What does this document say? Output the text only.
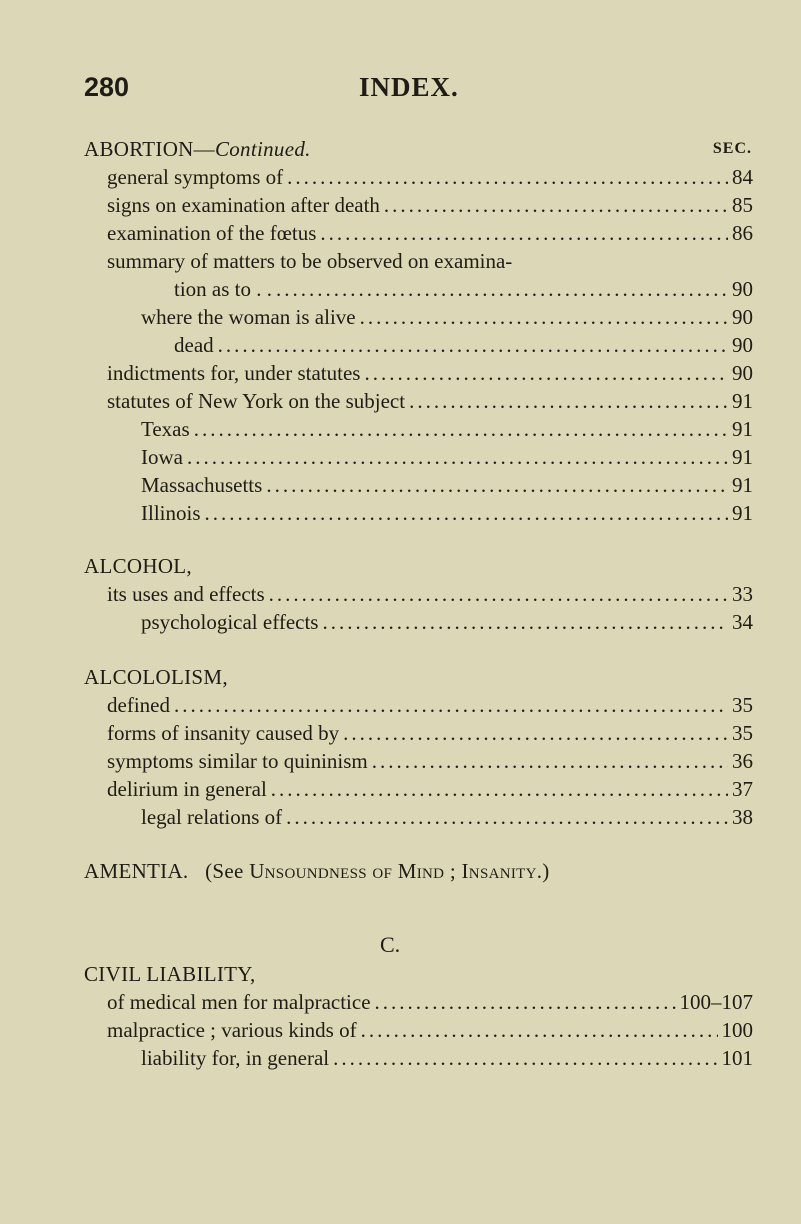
280	INDEX.
ABORTION—Continued.	SEC.
general symptoms of .....	84
signs on examination after death .....	85
examination of the fœtus .....	86
summary of matters to be observed on examina-
tion as to . . .....	90
where the woman is alive .....	90
dead .....	90
indictments for, under statutes .....	90
statutes of New York on the subject .....	91
Texas .....	91
Iowa .....	91
Massachusetts .....	91
Illinois .....	91
ALCOHOL,
its uses and effects .....	33
psychological effects .....	34
ALCOLOLISM,
defined .....	35
forms of insanity caused by .....	35
symptoms similar to quininism .....	36
delirium in general .....	37
legal relations of .....	38
AMENTIA. (See Unsoundness of Mind ; Insanity.)
C.
CIVIL LIABILITY,
of medical men for malpractice .....	100–107
malpractice ; various kinds of .....	100
liability for, in general .....	101
